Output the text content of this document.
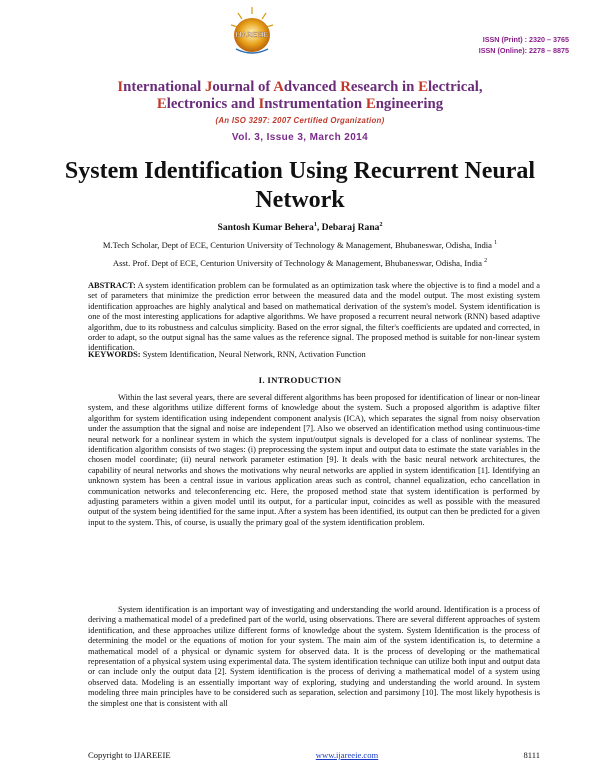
IJAREEIE
ISSN (Print) : 2320 – 3765
ISSN (Online): 2278 – 8875
International Journal of Advanced Research in Electrical,
Electronics and Instrumentation Engineering
(An ISO 3297: 2007 Certified Organization)
Vol. 3, Issue 3, March 2014
System Identification Using Recurrent Neural Network
Santosh Kumar Behera$^1$, Debaraj Rana$^2$
M.Tech Scholar, Dept of ECE, Centurion University of Technology & Management, Bhubaneswar, Odisha, India $^1$
Asst. Prof. Dept of ECE, Centurion University of Technology & Management, Bhubaneswar, Odisha, India $^2$
ABSTRACT: A system identification problem can be formulated as an optimization task where the objective is to find a model and a set of parameters that minimize the prediction error between the measured data and the model output. The most existing system identification approaches are highly analytical and based on mathematical derivation of the system's model. System identification is one of the most interesting applications for adaptive algorithms. We have proposed a recurrent neural network (RNN) based adaptive algorithm, due to its robustness and calculus simplicity. Based on the error signal, the filter's coefficients are updated and corrected, in order to adapt, so the output signal has the same values as the reference signal. The proposed method is suitable for non-linear system identification.
KEYWORDS: System Identification, Neural Network, RNN, Activation Function
I. INTRODUCTION
Within the last several years, there are several different algorithms has been proposed for identification of linear or non-linear system, and these algorithms utilize different forms of knowledge about the system. Such a proposed algorithm is adaptive filter algorithm for system identification using independent component analysis (ICA), which separates the signal from noisy observation under the assumption that the signal and noise are independent [7]. Also we observed an identification method using continuous-time neural network for a nonlinear system in which the system input/output signals is developed for a class of nonlinear systems. The identification algorithm consists of two stages: (i) preprocessing the system input and output data to estimate the state variables in the chosen model coordinate; (ii) neural network parameter estimation [9]. It deals with the basic neural network architectures, the capability of neural networks and shows the motivations why neural networks are applied in system identification [1]. Identifying an unknown system has been a central issue in various application areas such as control, channel equalization, echo cancellation in communication networks and teleconferencing etc. Here, the proposed method state that system identification is performed by adjusting parameters within a given model until its output, for a particular input, coincides as well as possible with the measured output of the system being identified for the same input. After a system has been identified, its output can then be predicted for a given input to the system. This, of course, is usually the primary goal of the system identification problem.
System identification is an important way of investigating and understanding the world around. Identification is a process of deriving a mathematical model of a predefined part of the world, using observations. There are several different approaches of system identification, and these approaches utilize different forms of knowledge about the system. System Identification is the process of determining the model or the equations of motion for your system. The main aim of the system identification is, to determine a mathematical model of a physical or dynamic system for observed data. It is the process of developing or the mathematical representation of a physical system using experimental data. The system identification technique can utilize both input and output data or can include only the output data [2]. System identification is the process of deriving a mathematical model of a system using observed data. Modeling is an essentially important way of exploring, studying and understanding the world around. In system modeling three main principles have to be considered such as separation, selection and parsimony [10]. The most likely hypothesis is the simplest one that is consistent with all
Copyright to IJAREEIE	www.ijareeie.com	8111
